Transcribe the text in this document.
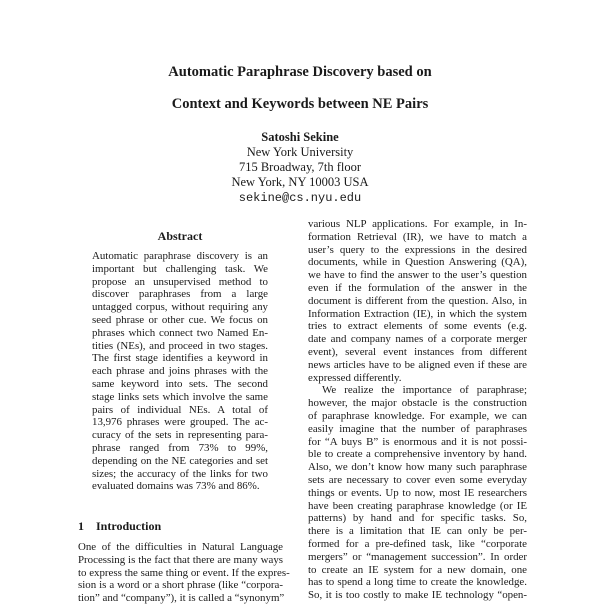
Automatic Paraphrase Discovery based on
Context and Keywords between NE Pairs
Satoshi Sekine
New York University
715 Broadway, 7th floor
New York, NY 10003 USA
sekine@cs.nyu.edu
Abstract
Automatic paraphrase discovery is an
important but challenging task. We
propose an unsupervised method to
discover paraphrases from a large
untagged corpus, without requiring any
seed phrase or other cue. We focus on
phrases which connect two Named En-
tities (NEs), and proceed in two stages.
The first stage identifies a keyword in
each phrase and joins phrases with the
same keyword into sets. The second
stage links sets which involve the same
pairs of individual NEs. A total of
13,976 phrases were grouped. The ac-
curacy of the sets in representing para-
phrase ranged from 73% to 99%,
depending on the NE categories and set
sizes; the accuracy of the links for two
evaluated domains was 73% and 86%.
1 Introduction
One of the difficulties in Natural Language
Processing is the fact that there are many ways
to express the same thing or event. If the expres-
sion is a word or a short phrase (like “corpora-
tion” and “company”), it is called a “synonym”
various NLP applications. For example, in In-
formation Retrieval (IR), we have to match a
user’s query to the expressions in the desired
documents, while in Question Answering (QA),
we have to find the answer to the user’s question
even if the formulation of the answer in the
document is different from the question. Also, in
Information Extraction (IE), in which the system
tries to extract elements of some events (e.g.
date and company names of a corporate merger
event), several event instances from different
news articles have to be aligned even if these are
expressed differently.
We realize the importance of paraphrase;
however, the major obstacle is the construction
of paraphrase knowledge. For example, we can
easily imagine that the number of paraphrases
for “A buys B” is enormous and it is not possi-
ble to create a comprehensive inventory by hand.
Also, we don’t know how many such paraphrase
sets are necessary to cover even some everyday
things or events. Up to now, most IE researchers
have been creating paraphrase knowledge (or IE
patterns) by hand and for specific tasks. So,
there is a limitation that IE can only be per-
formed for a pre-defined task, like “corporate
mergers” or “management succession”. In order
to create an IE system for a new domain, one
has to spend a long time to create the knowledge.
So, it is too costly to make IE technology “open-
